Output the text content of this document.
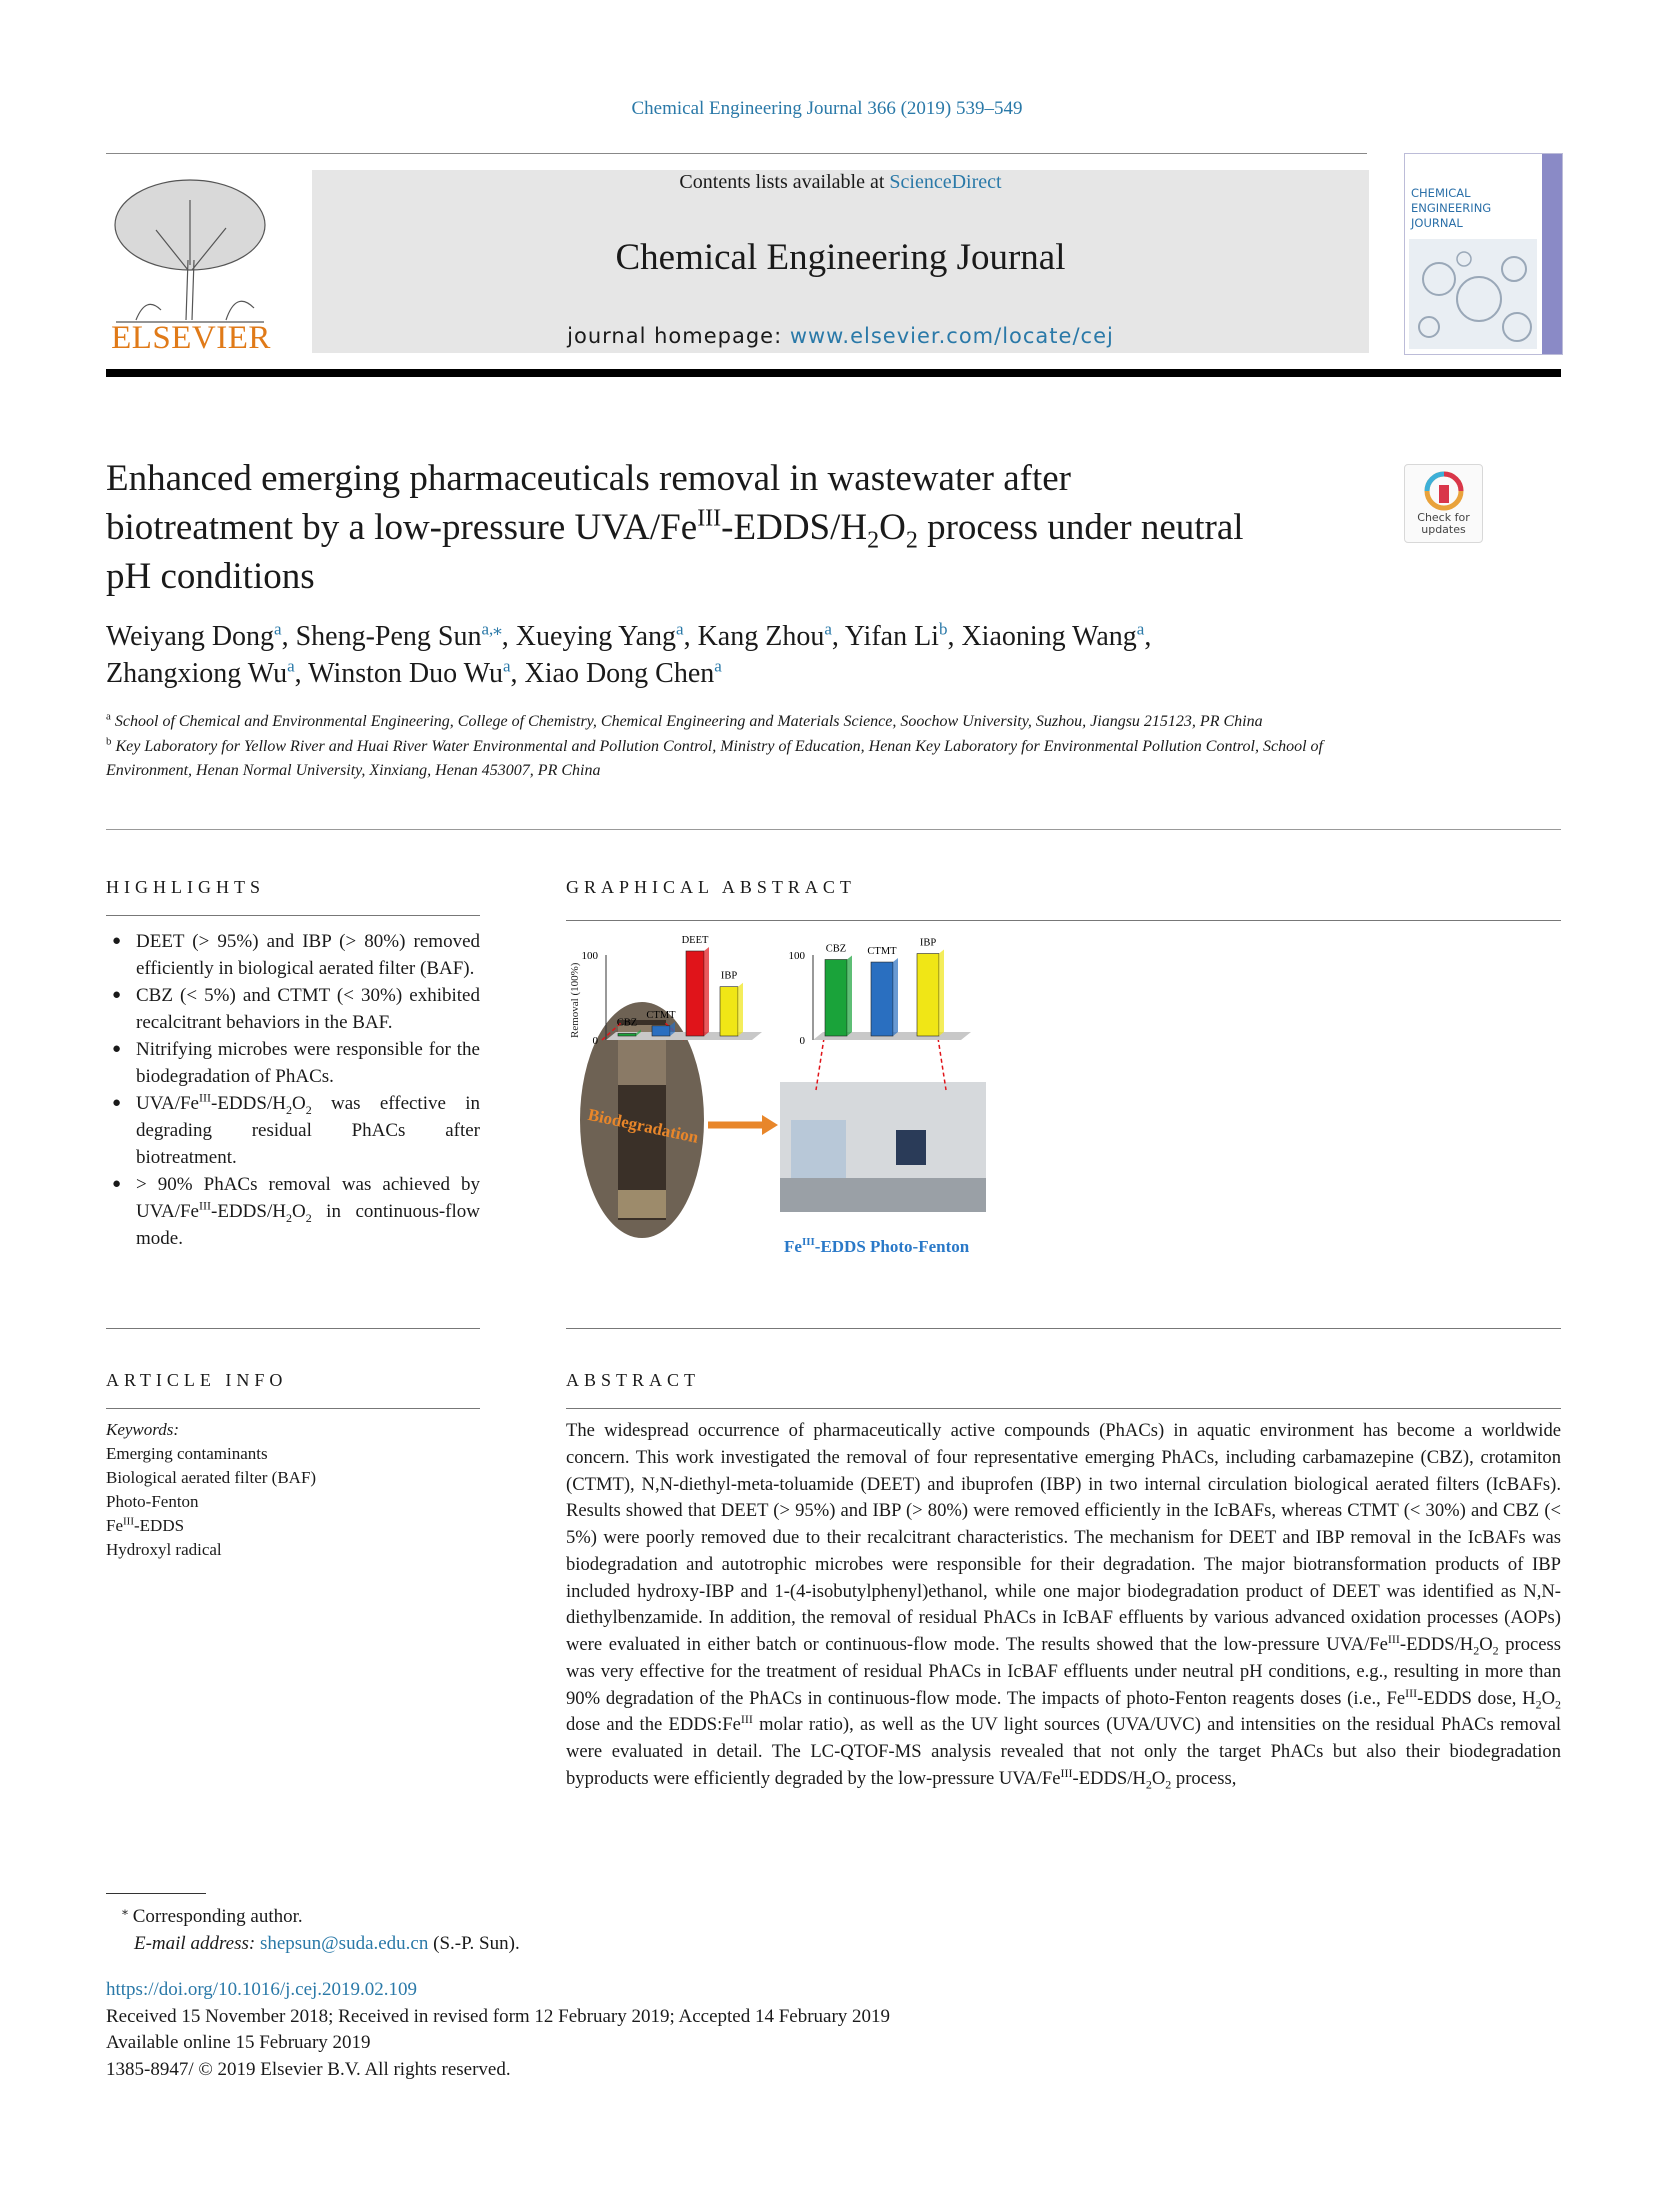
Chemical Engineering Journal 366 (2019) 539–549
ELSEVIER
Contents lists available at ScienceDirect
Chemical Engineering Journal
journal homepage: www.elsevier.com/locate/cej
CHEMICAL
ENGINEERING
JOURNAL
Enhanced emerging pharmaceuticals removal in wastewater after
biotreatment by a low-pressure UVA/$Fe^{III}-EDDS/H_2O_2$ process under neutral
pH conditions
Check for
updates
Weiyang Dong$^a$, Sheng-Peng Sun$^{a,⁎}$, Xueying Yang$^a$, Kang Zhou$^a$, Yifan Li$^b$, Xiaoning Wang$^a$,
Zhangxiong Wu$^a$, Winston Duo Wu$^a$, Xiao Dong Chen$^a$

$^a$ School of Chemical and Environmental Engineering, College of Chemistry, Chemical Engineering and Materials Science, Soochow University, Suzhou, Jiangsu 215123, PR China

$^b$ Key Laboratory for Yellow River and Huai River Water Environmental and Pollution Control, Ministry of Education, Henan Key Laboratory for Environmental Pollution Control, School of Environment, Henan Normal University, Xinxiang, Henan 453007, PR China

HIGHLIGHTS
● DEET (> 95%) and IBP (> 80%) removed efficiently in biological aerated filter (BAF).
● CBZ (< 5%) and CTMT (< 30%) exhibited recalcitrant behaviors in the BAF.
● Nitrifying microbes were responsible for the biodegradation of PhACs.
● UVA/$Fe^{III}-EDDS/H_2O_2$ was effective in degrading residual PhACs after biotreatment.
● > 90% PhACs removal was achieved by UVA/$Fe^{III}-EDDS/H_2O_2$ in continuous-flow mode.
GRAPHICAL ABSTRACT
Biodegradation
$Fe^{III}$-EDDS Photo-Fenton
Removal (100%)
0
100
CBZ
CTMT
DEET
IBP
0
100
CBZ CTMT
IBP
ARTICLE INFO
Keywords:
Emerging contaminants
Biological aerated filter (BAF)
Photo-Fenton
$Fe^{III}$-EDDS
Hydroxyl radical
ABSTRACT

The widespread occurrence of pharmaceutically active compounds (PhACs) in aquatic environment has become a worldwide concern. This work investigated the removal of four representative emerging PhACs, including carbamazepine (CBZ), crotamiton (CTMT), N,N-diethyl-meta-toluamide (DEET) and ibuprofen (IBP) in two internal circulation biological aerated filters (IcBAFs). Results showed that DEET (> 95%) and IBP (> 80%) were removed efficiently in the IcBAFs, whereas CTMT (< 30%) and CBZ (< 5%) were poorly removed due to their recalcitrant characteristics. The mechanism for DEET and IBP removal in the IcBAFs was biodegradation and autotrophic microbes were responsible for their degradation. The major biotransformation products of IBP included hydroxy-IBP and 1-(4-isobutylphenyl)ethanol, while one major biodegradation product of DEET was identified as N,N-diethylbenzamide. In addition, the removal of residual PhACs in IcBAF effluents by various advanced oxidation processes (AOPs) were evaluated in either batch or continuous-flow mode. The results showed that the low-pressure UVA/$Fe^{III}-EDDS/H_2O_2$ process was very effective for the treatment of residual PhACs in IcBAF effluents under neutral pH conditions, e.g., resulting in more than 90% degradation of the PhACs in continuous-flow mode. The impacts of photo-Fenton reagents doses (i.e., $Fe^{III}$-EDDS dose, $H_2O_2$ dose and the $EDDS:Fe^{III}$ molar ratio), as well as the UV light sources (UVA/UVC) and intensities on the residual PhACs removal were evaluated in detail. The LC-QTOF-MS analysis revealed that not only the target PhACs but also their biodegradation byproducts were efficiently degraded by the low-pressure UVA/$Fe^{III}-EDDS/H_2O_2$ process,

⁎ Corresponding author.
E-mail address: shepsun@suda.edu.cn (S.-P. Sun).
https://doi.org/10.1016/j.cej.2019.02.109
Received 15 November 2018; Received in revised form 12 February 2019; Accepted 14 February 2019
Available online 15 February 2019
1385-8947/ © 2019 Elsevier B.V. All rights reserved.
